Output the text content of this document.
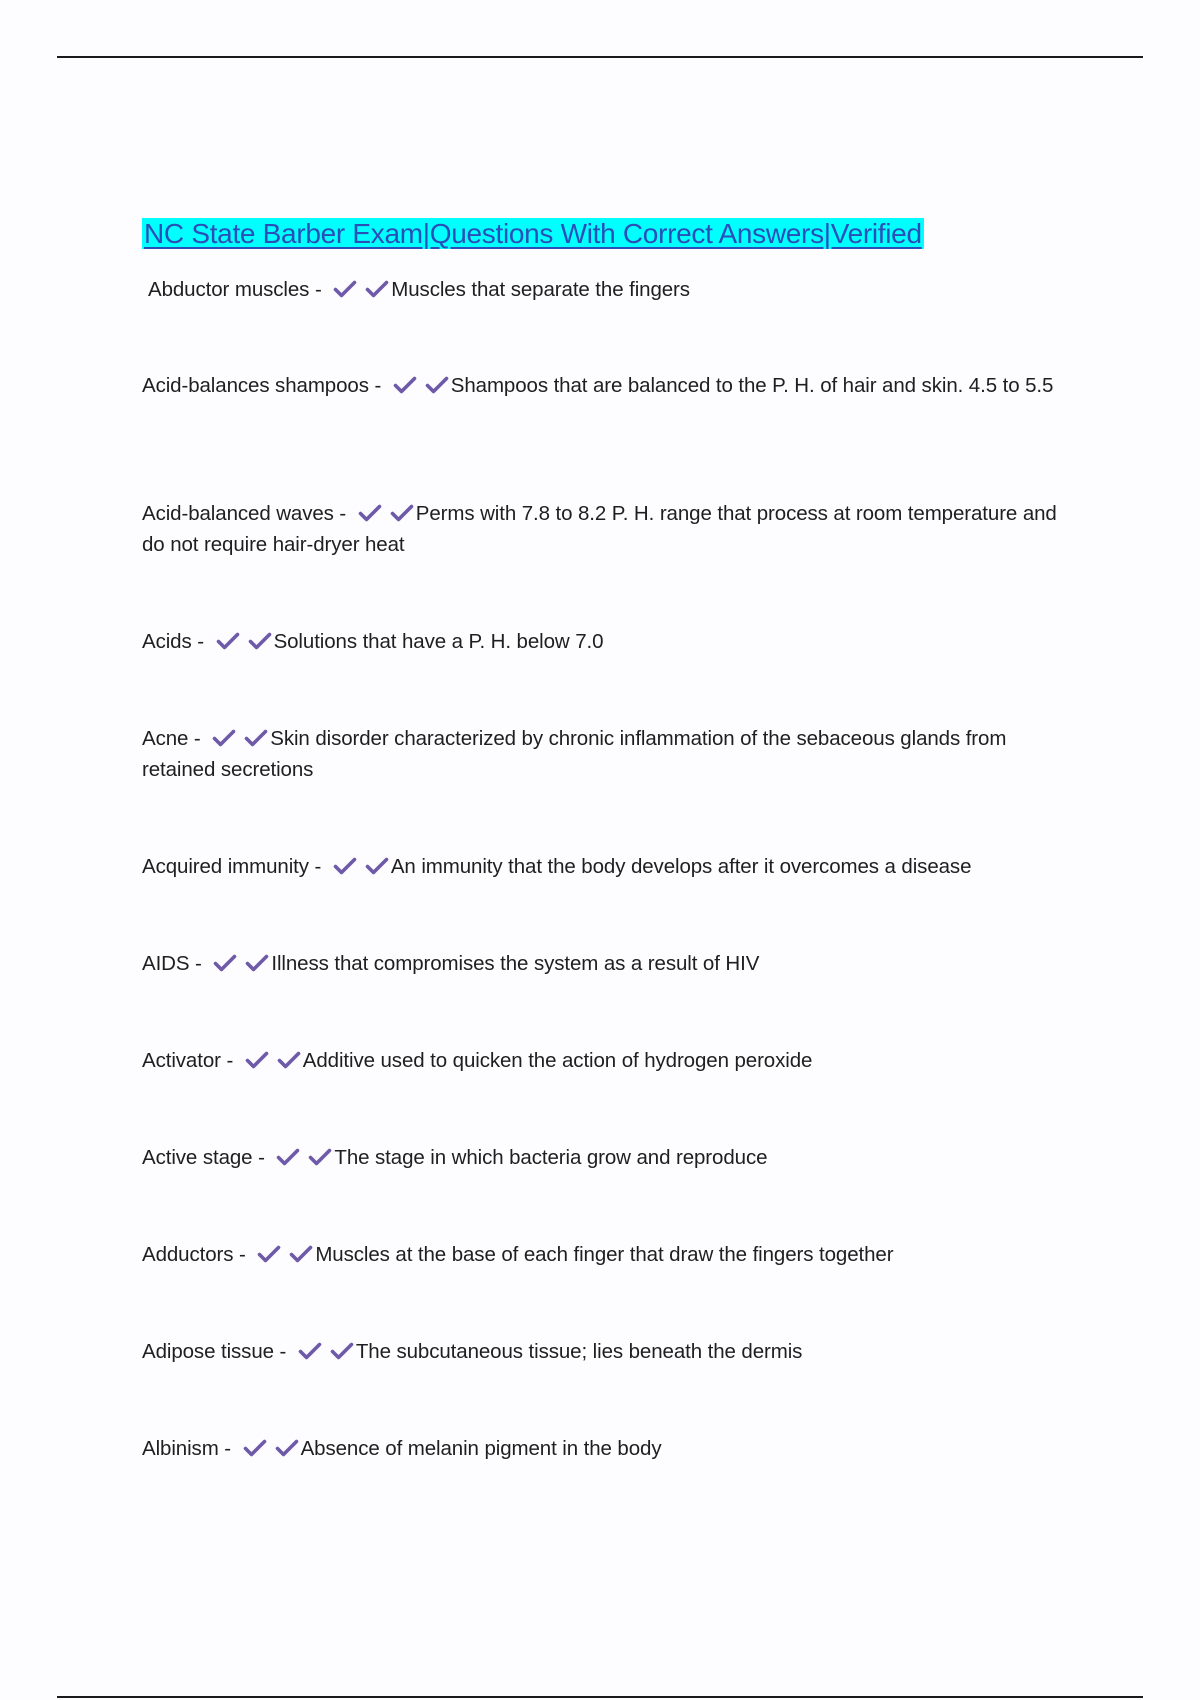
NC State Barber Exam|Questions With Correct Answers|Verified
Abductor muscles -	Muscles that separate the fingers
Acid-balances shampoos -	Shampoos that are balanced to the P. H. of hair and skin. 4.5 to 5.5
Acid-balanced waves -	Perms with 7.8 to 8.2 P. H. range that process at room temperature and do not require hair-dryer heat
Acids -	Solutions that have a P. H. below 7.0
Acne -	Skin disorder characterized by chronic inflammation of the sebaceous glands from retained secretions
Acquired immunity -	An immunity that the body develops after it overcomes a disease
AIDS -	Illness that compromises the system as a result of HIV
Activator -	Additive used to quicken the action of hydrogen peroxide
Active stage -	The stage in which bacteria grow and reproduce
Adductors -	Muscles at the base of each finger that draw the fingers together
Adipose tissue -	The subcutaneous tissue; lies beneath the dermis
Albinism -	Absence of melanin pigment in the body
